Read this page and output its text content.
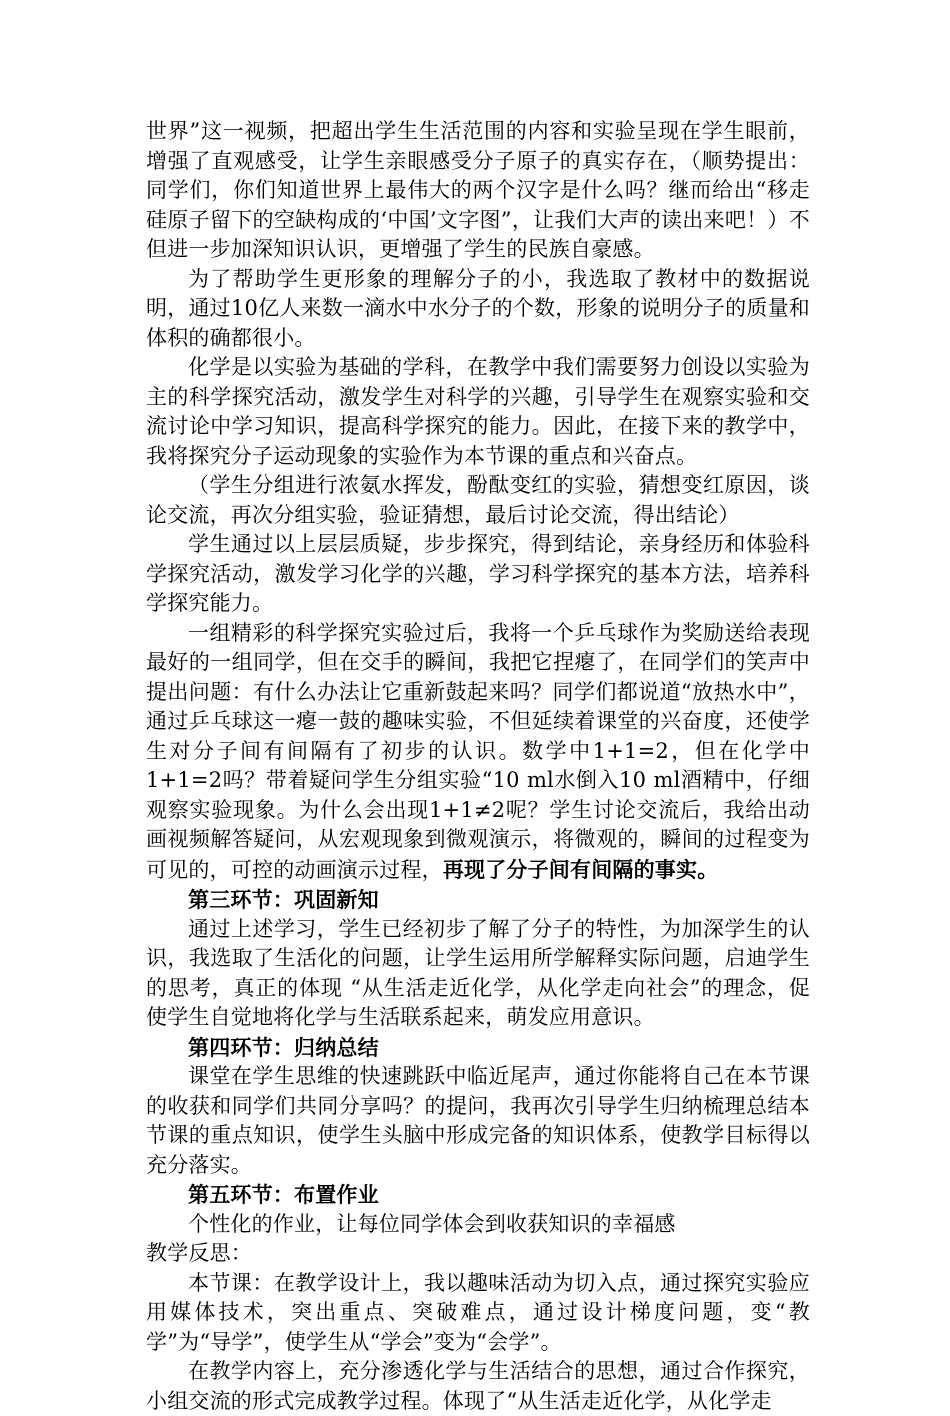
世界”这一视频，把超出学生生活范围的内容和实验呈现在学生眼前，增强了直观感受，让学生亲眼感受分子原子的真实存在，（顺势提出：同学们，你们知道世界上最伟大的两个汉字是什么吗？继而给出“移走硅原子留下的空缺构成的‘中国’文字图”，让我们大声的读出来吧！）不但进一步加深知识认识，更增强了学生的民族自豪感。

为了帮助学生更形象的理解分子的小，我选取了教材中的数据说明，通过10亿人来数一滴水中水分子的个数，形象的说明分子的质量和体积的确都很小。

化学是以实验为基础的学科，在教学中我们需要努力创设以实验为主的科学探究活动，激发学生对科学的兴趣，引导学生在观察实验和交流讨论中学习知识，提高科学探究的能力。因此，在接下来的教学中，我将探究分子运动现象的实验作为本节课的重点和兴奋点。

（学生分组进行浓氨水挥发，酚酞变红的实验，猜想变红原因，谈论交流，再次分组实验，验证猜想，最后讨论交流，得出结论）

学生通过以上层层质疑，步步探究，得到结论，亲身经历和体验科学探究活动，激发学习化学的兴趣，学习科学探究的基本方法，培养科学探究能力。

一组精彩的科学探究实验过后，我将一个乒乓球作为奖励送给表现最好的一组同学，但在交手的瞬间，我把它捏瘪了，在同学们的笑声中提出问题：有什么办法让它重新鼓起来吗？同学们都说道“放热水中”，通过乒乓球这一瘪一鼓的趣味实验，不但延续着课堂的兴奋度，还使学生对分子间有间隔有了初步的认识。数学中1+1=2，但在化学中1+1=2吗？带着疑问学生分组实验“10 ml水倒入10 ml酒精中，仔细观察实验现象。为什么会出现1+1≠2呢？学生讨论交流后，我给出动画视频解答疑问，从宏观现象到微观演示，将微观的，瞬间的过程变为可见的，可控的动画演示过程，再现了分子间有间隔的事实。

第三环节：巩固新知

通过上述学习，学生已经初步了解了分子的特性，为加深学生的认识，我选取了生活化的问题，让学生运用所学解释实际问题，启迪学生的思考，真正的体现 “从生活走近化学，从化学走向社会”的理念，促使学生自觉地将化学与生活联系起来，萌发应用意识。

第四环节：归纳总结

课堂在学生思维的快速跳跃中临近尾声，通过你能将自己在本节课的收获和同学们共同分享吗？的提问，我再次引导学生归纳梳理总结本节课的重点知识，使学生头脑中形成完备的知识体系，使教学目标得以充分落实。

第五环节：布置作业

个性化的作业，让每位同学体会到收获知识的幸福感

教学反思：

本节课：在教学设计上，我以趣味活动为切入点，通过探究实验应用媒体技术，突出重点、突破难点，通过设计梯度问题，变“教学”为“导学”，使学生从“学会”变为“会学”。

在教学内容上，充分渗透化学与生活结合的思想，通过合作探究，小组交流的形式完成教学过程。体现了“从生活走近化学，从化学走
